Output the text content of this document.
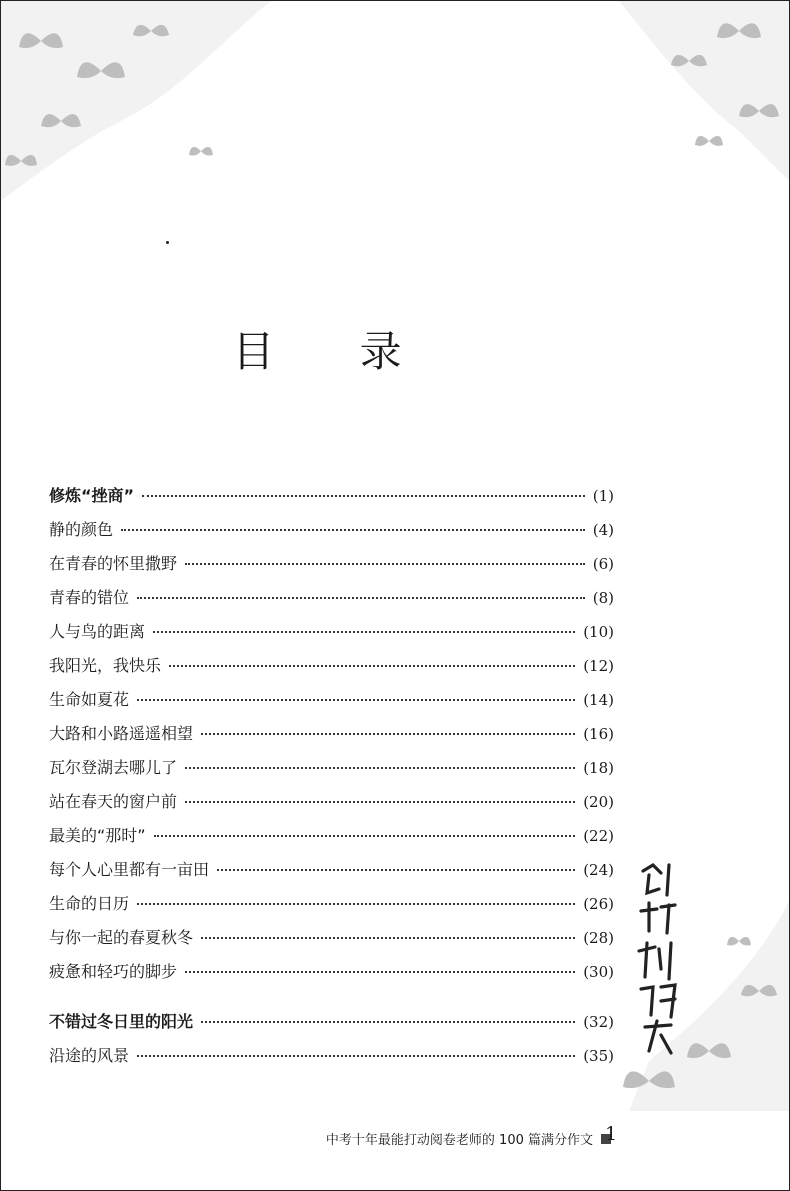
目 录
修炼“挫商”	(1)
静的颜色	(4)
在青春的怀里撒野	(6)
青春的错位	(8)
人与鸟的距离	(10)
我阳光，我快乐	(12)
生命如夏花	(14)
大路和小路遥遥相望	(16)
瓦尔登湖去哪儿了	(18)
站在春天的窗户前	(20)
最美的“那时”	(22)
每个人心里都有一亩田	(24)
生命的日历	(26)
与你一起的春夏秋冬	(28)
疲惫和轻巧的脚步	(30)
不错过冬日里的阳光	(32)
沿途的风景	(35)
中考十年最能打动阅卷老师的 100 篇满分作文 1
